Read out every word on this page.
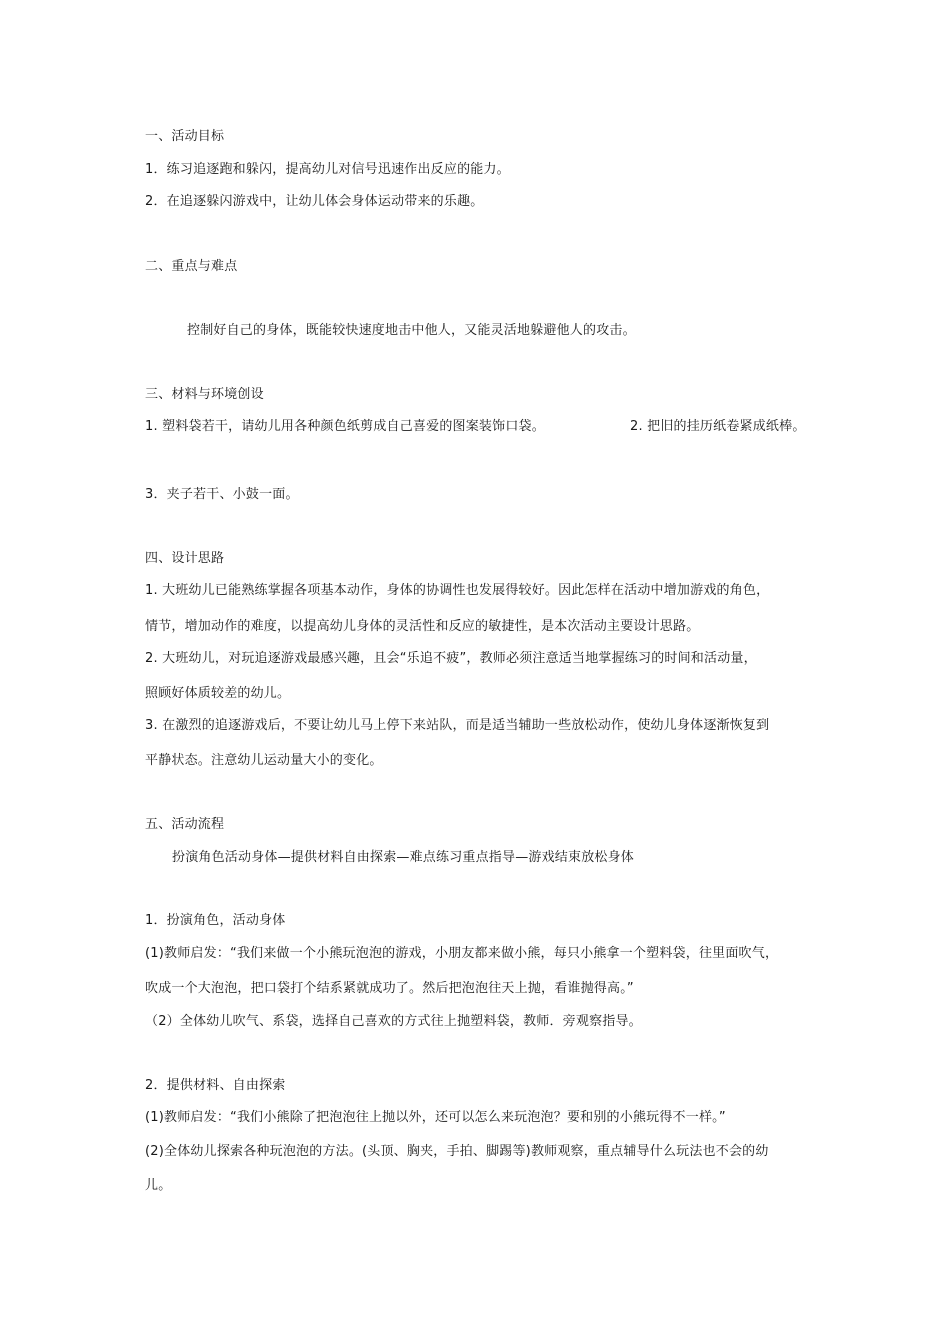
一、活动目标
1．练习追逐跑和躲闪，提高幼儿对信号迅速作出反应的能力。
2．在追逐躲闪游戏中，让幼儿体会身体运动带来的乐趣。
二、重点与难点
控制好自己的身体，既能较快速度地击中他人，又能灵活地躲避他人的攻击。
三、材料与环境创设
1. 塑料袋若干，请幼儿用各种颜色纸剪成自己喜爱的图案装饰口袋。	2. 把旧的挂历纸卷紧成纸棒。
3．夹子若干、小鼓一面。
四、设计思路
1. 大班幼儿已能熟练掌握各项基本动作，身体的协调性也发展得较好。因此怎样在活动中增加游戏的角色，
情节，增加动作的难度，以提高幼儿身体的灵活性和反应的敏捷性，是本次活动主要设计思路。
2. 大班幼儿，对玩追逐游戏最感兴趣，且会“乐追不疲”，教师必须注意适当地掌握练习的时间和活动量，
照顾好体质较差的幼儿。
3. 在激烈的追逐游戏后，不要让幼儿马上停下来站队，而是适当辅助一些放松动作，使幼儿身体逐渐恢复到
平静状态。注意幼儿运动量大小的变化。
五、活动流程
扮演角色活动身体—提供材料自由探索—难点练习重点指导—游戏结束放松身体
1．扮演角色，活动身体
(1)教师启发：“我们来做一个小熊玩泡泡的游戏，小朋友都来做小熊，每只小熊拿一个塑料袋，往里面吹气，
吹成一个大泡泡，把口袋打个结系紧就成功了。然后把泡泡往天上抛，看谁抛得高。”
（2）全体幼儿吹气、系袋，选择自己喜欢的方式往上抛塑料袋，教师．旁观察指导。
2．提供材料、自由探索
(1)教师启发：“我们小熊除了把泡泡往上抛以外，还可以怎么来玩泡泡？要和别的小熊玩得不一样。”
(2)全体幼儿探索各种玩泡泡的方法。(头顶、胸夹，手拍、脚踢等)教师观察，重点辅导什么玩法也不会的幼
儿。
